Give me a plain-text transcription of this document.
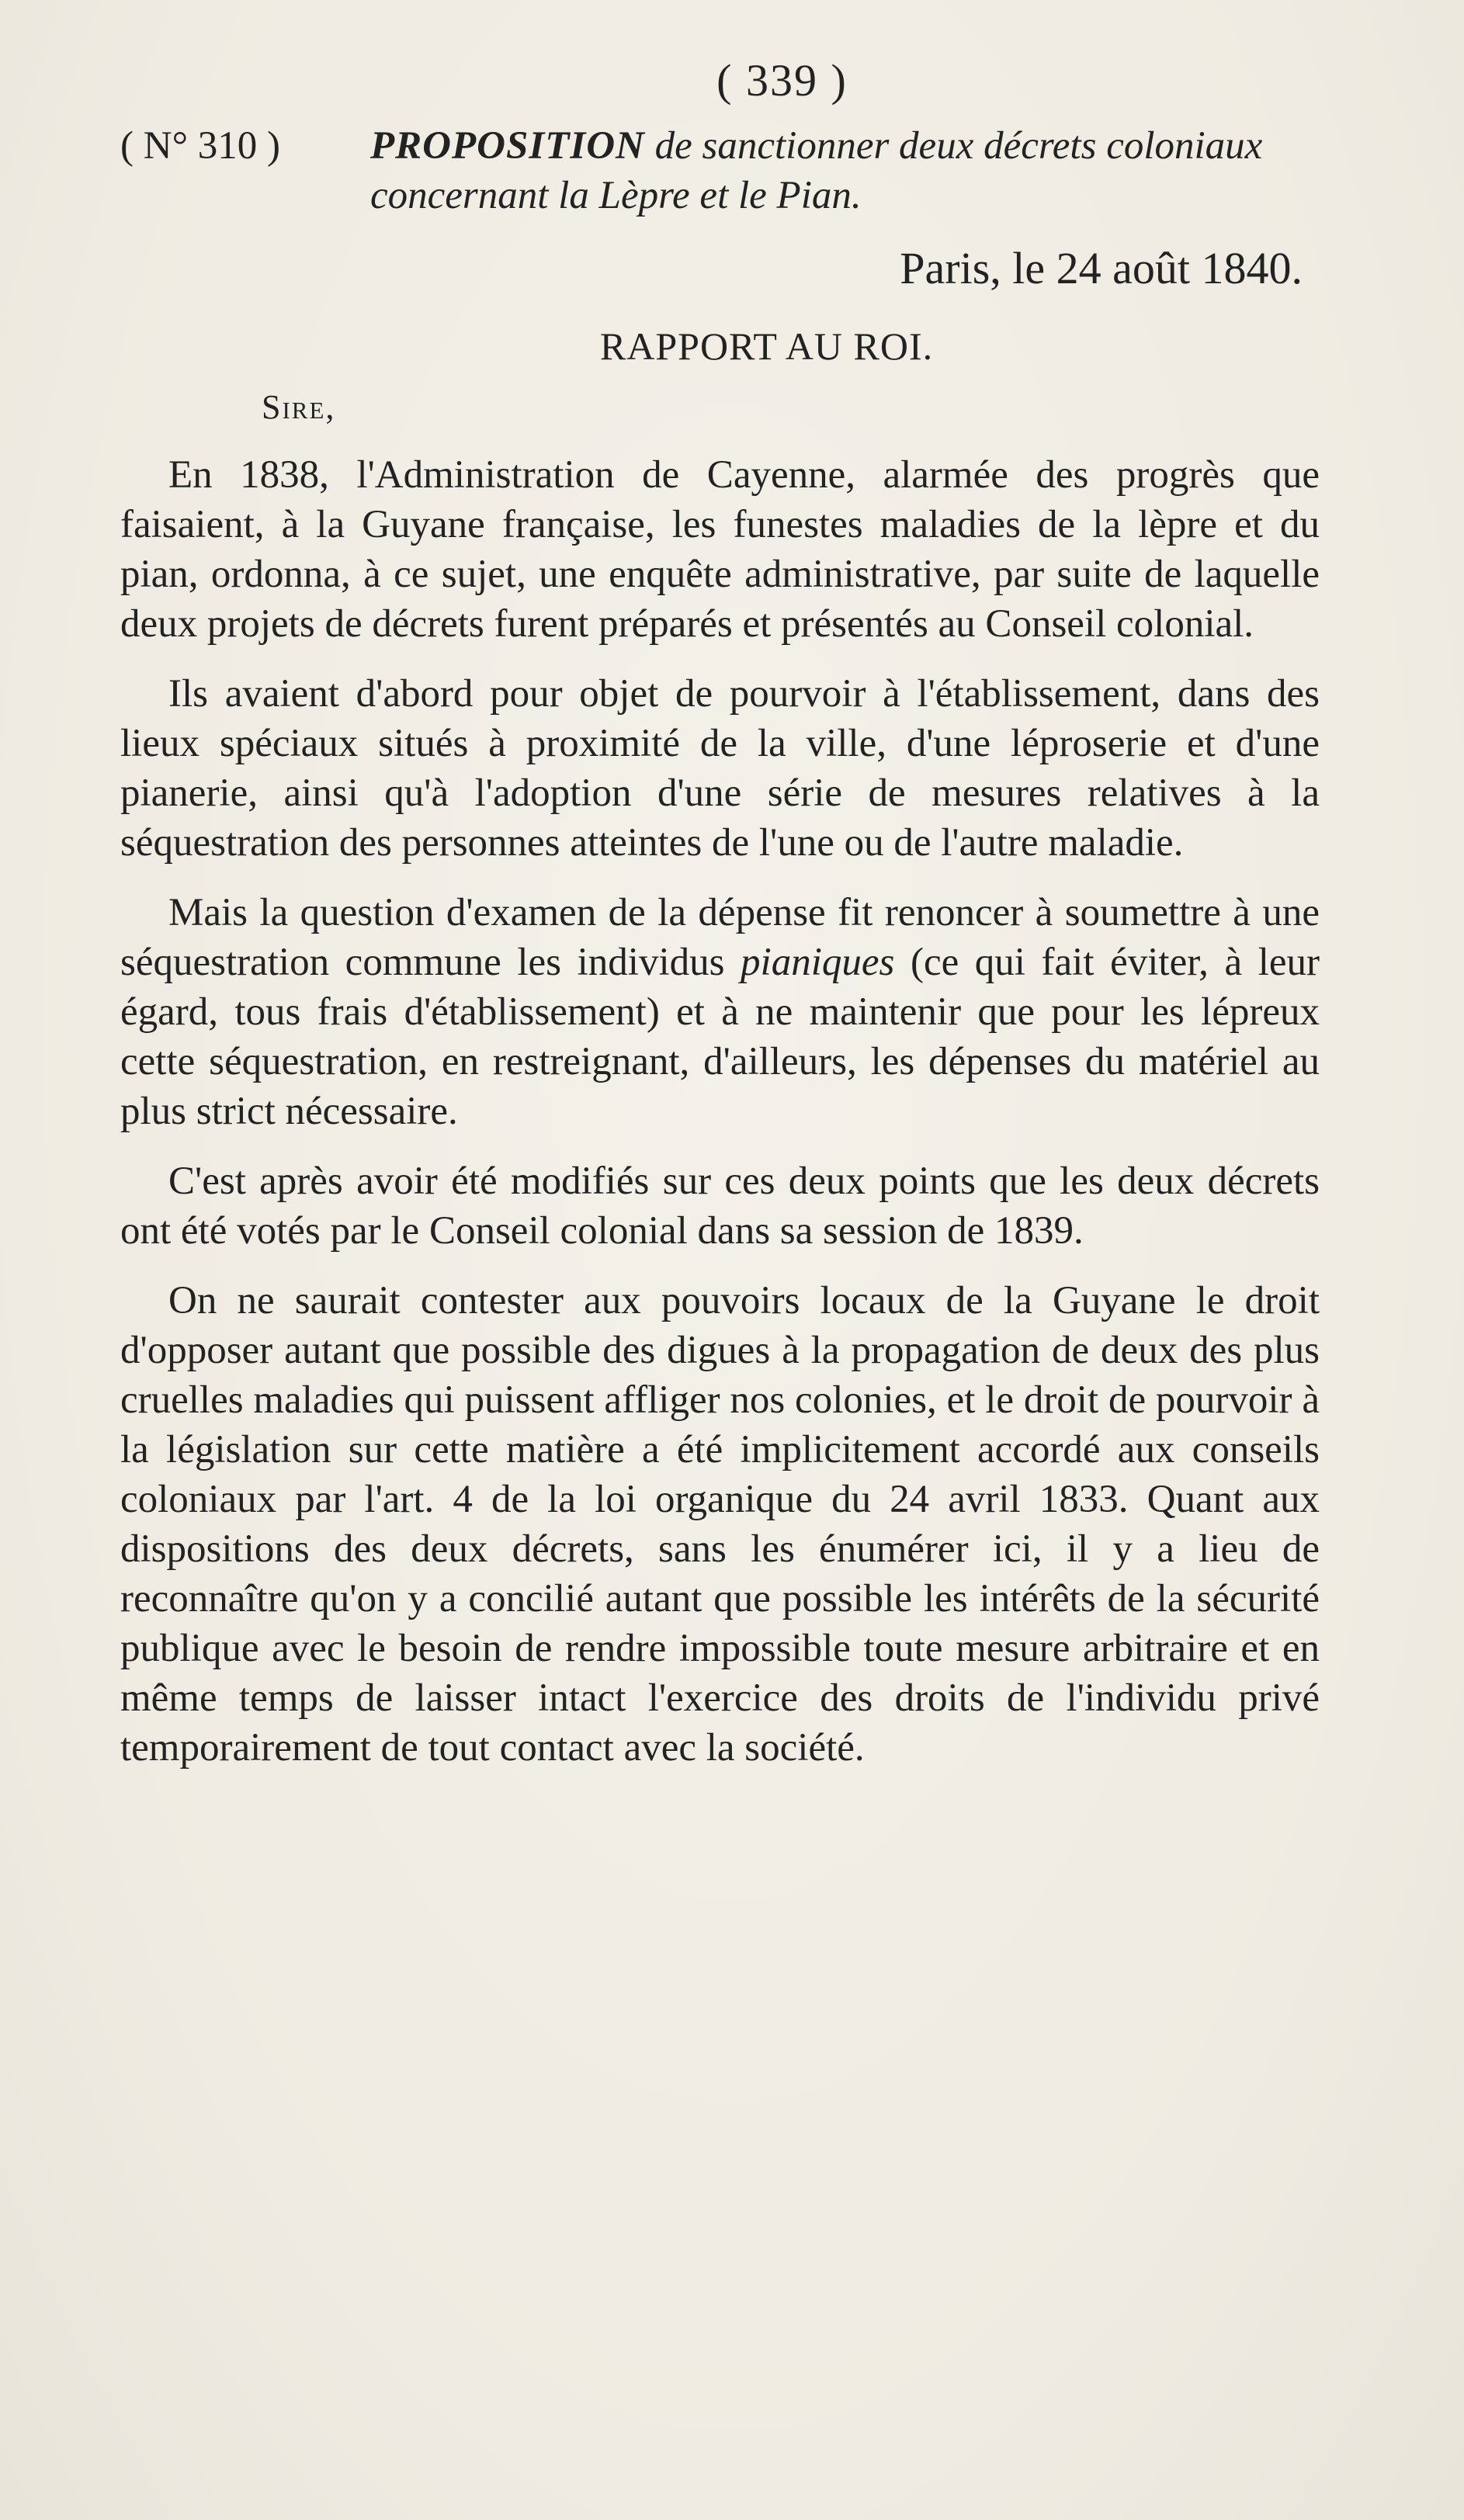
( 339 )
( N° 310 )	PROPOSITION de sanctionner deux décrets coloniaux concernant la Lèpre et le Pian.
Paris, le 24 août 1840.
RAPPORT AU ROI.
Sire,

En 1838, l'Administration de Cayenne, alarmée des progrès que faisaient, à la Guyane française, les funestes maladies de la lèpre et du pian, ordonna, à ce sujet, une enquête administrative, par suite de laquelle deux projets de décrets furent préparés et présentés au Conseil colonial.

Ils avaient d'abord pour objet de pourvoir à l'établissement, dans des lieux spéciaux situés à proximité de la ville, d'une léproserie et d'une pianerie, ainsi qu'à l'adoption d'une série de mesures relatives à la séquestration des personnes atteintes de l'une ou de l'autre maladie.

Mais la question d'examen de la dépense fit renoncer à soumettre à une séquestration commune les individus pianiques (ce qui fait éviter, à leur égard, tous frais d'établissement) et à ne maintenir que pour les lépreux cette séquestration, en restreignant, d'ailleurs, les dépenses du matériel au plus strict nécessaire.

C'est après avoir été modifiés sur ces deux points que les deux décrets ont été votés par le Conseil colonial dans sa session de 1839.

On ne saurait contester aux pouvoirs locaux de la Guyane le droit d'opposer autant que possible des digues à la propagation de deux des plus cruelles maladies qui puissent affliger nos colonies, et le droit de pourvoir à la législation sur cette matière a été implicitement accordé aux conseils coloniaux par l'art. 4 de la loi organique du 24 avril 1833. Quant aux dispositions des deux décrets, sans les énumérer ici, il y a lieu de reconnaître qu'on y a concilié autant que possible les intérêts de la sécurité publique avec le besoin de rendre impossible toute mesure arbitraire et en même temps de laisser intact l'exercice des droits de l'individu privé temporairement de tout contact avec la société.
